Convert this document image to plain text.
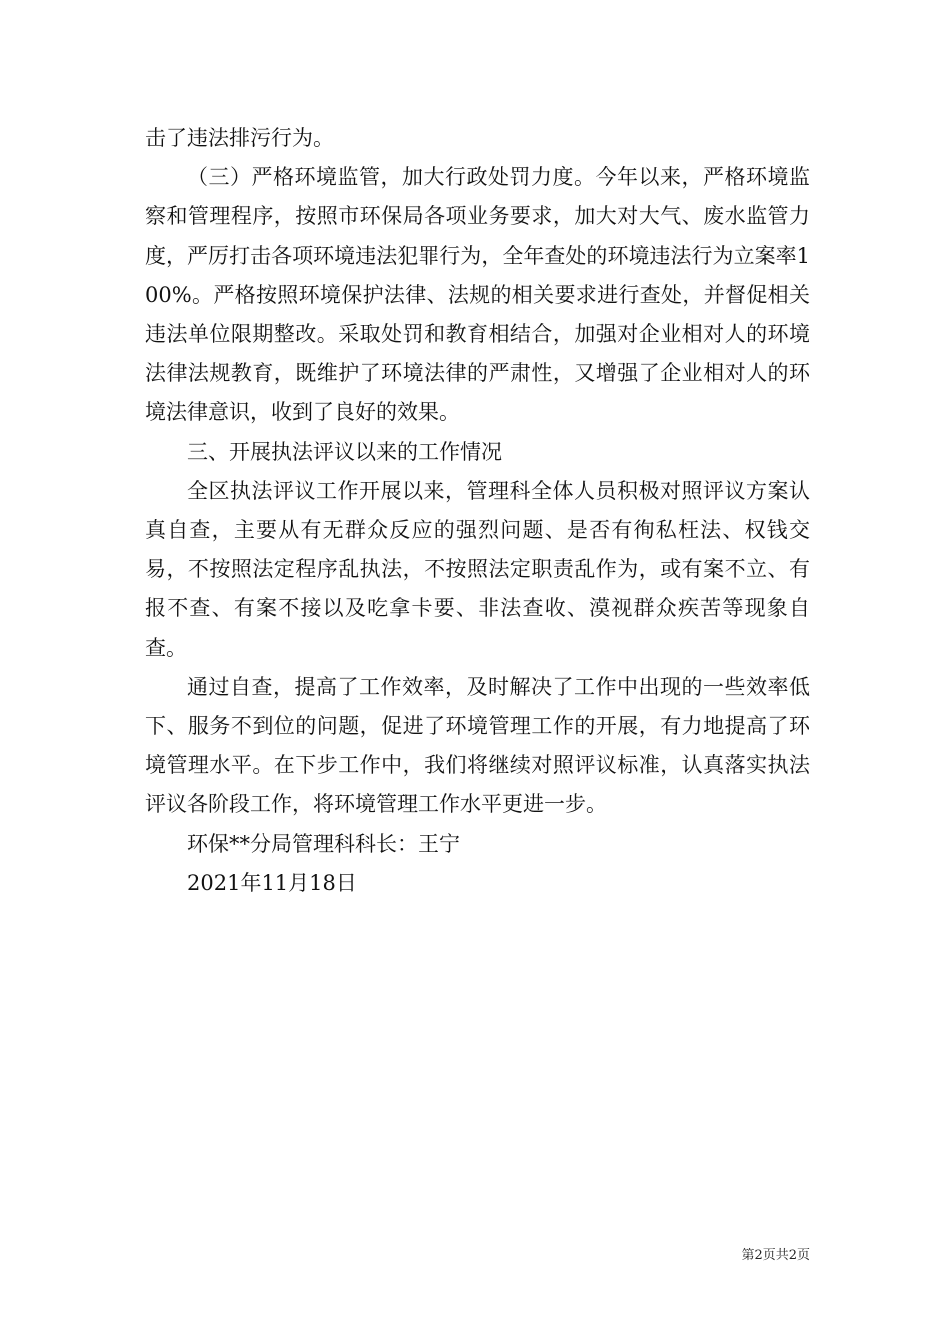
击了违法排污行为。

（三）严格环境监管，加大行政处罚力度。今年以来，严格环境监察和管理程序，按照市环保局各项业务要求，加大对大气、废水监管力度，严厉打击各项环境违法犯罪行为，全年查处的环境违法行为立案率100%。严格按照环境保护法律、法规的相关要求进行查处，并督促相关违法单位限期整改。采取处罚和教育相结合，加强对企业相对人的环境法律法规教育，既维护了环境法律的严肃性，又增强了企业相对人的环境法律意识，收到了良好的效果。

三、开展执法评议以来的工作情况

全区执法评议工作开展以来，管理科全体人员积极对照评议方案认真自查，主要从有无群众反应的强烈问题、是否有徇私枉法、权钱交易，不按照法定程序乱执法，不按照法定职责乱作为，或有案不立、有报不查、有案不接以及吃拿卡要、非法查收、漠视群众疾苦等现象自查。

通过自查，提高了工作效率，及时解决了工作中出现的一些效率低下、服务不到位的问题，促进了环境管理工作的开展，有力地提高了环境管理水平。在下步工作中，我们将继续对照评议标准，认真落实执法评议各阶段工作，将环境管理工作水平更进一步。

环保**分局管理科科长：王宁

2021年11月18日

第2页共2页
